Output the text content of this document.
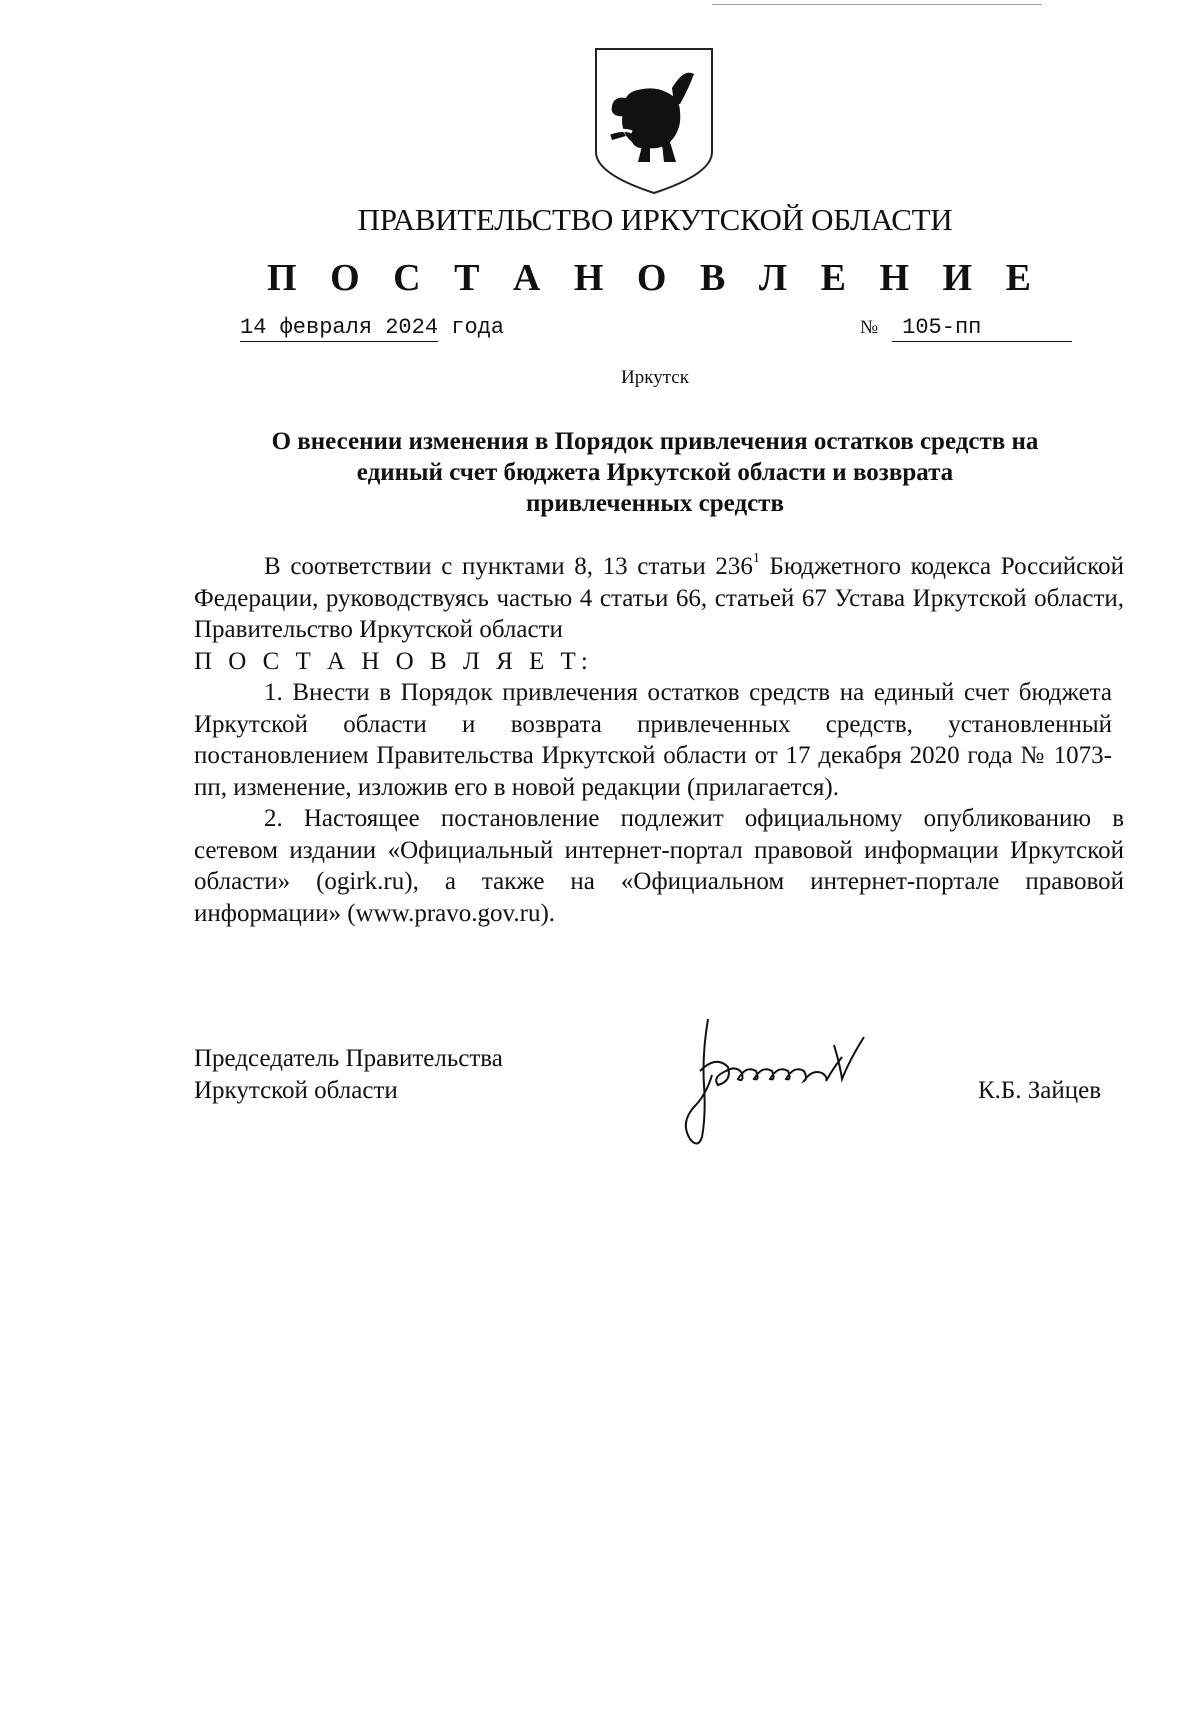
ПРАВИТЕЛЬСТВО ИРКУТСКОЙ ОБЛАСТИ
П О С Т А Н О В Л Е Н И Е
14 февраля 2024 года	№ 105-пп
Иркутск
О внесении изменения в Порядок привлечения остатков средств на
единый счет бюджета Иркутской области и возврата
привлеченных средств

В соответствии с пунктами 8, 13 статьи $236^1$ Бюджетного кодекса Российской Федерации, руководствуясь частью 4 статьи 66, статьей 67 Устава Иркутской области, Правительство Иркутской области

П О С Т А Н О В Л Я Е Т:

1. Внести в Порядок привлечения остатков средств на единый счет бюджета Иркутской области и возврата привлеченных средств, установленный постановлением Правительства Иркутской области от 17 декабря 2020 года № 1073-пп, изменение, изложив его в новой редакции (прилагается).

2. Настоящее постановление подлежит официальному опубликованию в сетевом издании «Официальный интернет-портал правовой информации Иркутской области» (ogirk.ru), а также на «Официальном интернет-портале правовой информации» (www.pravo.gov.ru).

Председатель Правительства
Иркутской области	К.Б. Зайцев
